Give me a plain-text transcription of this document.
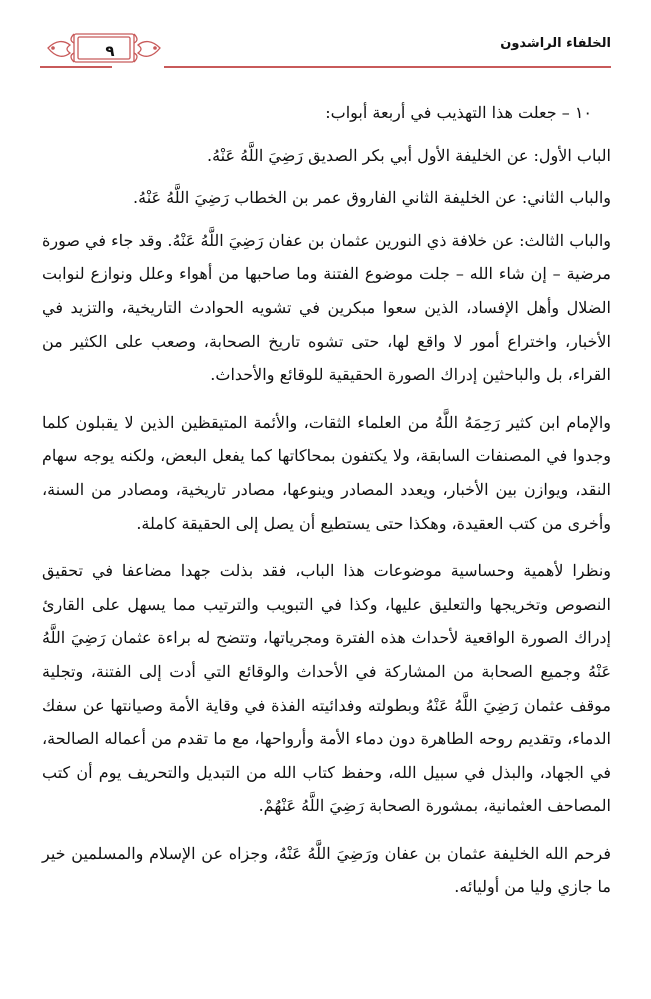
الخلفاء الراشدون
٩

١٠ – جعلت هذا التهذيب في أربعة أبواب:

الباب الأول: عن الخليفة الأول أبي بكر الصديق رَضِيَ اللَّهُ عَنْهُ.

والباب الثاني: عن الخليفة الثاني الفاروق عمر بن الخطاب رَضِيَ اللَّهُ عَنْهُ.

والباب الثالث: عن خلافة ذي النورين عثمان بن عفان رَضِيَ اللَّهُ عَنْهُ. وقد جاء في صورة مرضية – إن شاء الله – جلت موضوع الفتنة وما صاحبها من أهواء وعلل ونوازع لنوابت الضلال وأهل الإفساد، الذين سعوا مبكرين في تشويه الحوادث التاريخية، والتزيد في الأخبار، واختراع أمور لا واقع لها، حتى تشوه تاريخ الصحابة، وصعب على الكثير من القراء، بل والباحثين إدراك الصورة الحقيقية للوقائع والأحداث.

والإمام ابن كثير رَحِمَهُ اللَّهُ من العلماء الثقات، والأئمة المتيقظين الذين لا يقبلون كلما وجدوا في المصنفات السابقة، ولا يكتفون بمحاكاتها كما يفعل البعض، ولكنه يوجه سهام النقد، ويوازن بين الأخبار، ويعدد المصادر وينوعها، مصادر تاريخية، ومصادر من السنة، وأخرى من كتب العقيدة، وهكذا حتى يستطيع أن يصل إلى الحقيقة كاملة.

ونظرا لأهمية وحساسية موضوعات هذا الباب، فقد بذلت جهدا مضاعفا في تحقيق النصوص وتخريجها والتعليق عليها، وكذا في التبويب والترتيب مما يسهل على القارئ إدراك الصورة الواقعية لأحداث هذه الفترة ومجرياتها، وتتضح له براءة عثمان رَضِيَ اللَّهُ عَنْهُ وجميع الصحابة من المشاركة في الأحداث والوقائع التي أدت إلى الفتنة، وتجلية موقف عثمان رَضِيَ اللَّهُ عَنْهُ وبطولته وفدائيته الفذة في وقاية الأمة وصيانتها عن سفك الدماء، وتقديم روحه الطاهرة دون دماء الأمة وأرواحها، مع ما تقدم من أعماله الصالحة، في الجهاد، والبذل في سبيل الله، وحفظ كتاب الله من التبديل والتحريف يوم أن كتب المصاحف العثمانية، بمشورة الصحابة رَضِيَ اللَّهُ عَنْهُمْ.

فرحم الله الخليفة عثمان بن عفان ورَضِيَ اللَّهُ عَنْهُ، وجزاه عن الإسلام والمسلمين خير ما جازي وليا من أوليائه.
